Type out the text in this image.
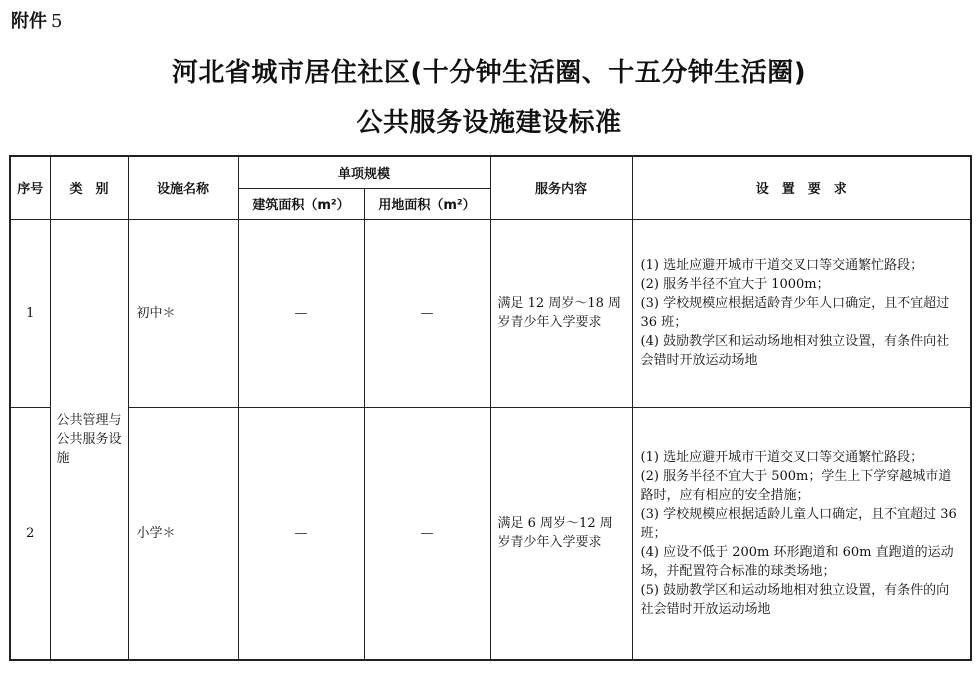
附件 5
河北省城市居住社区(十分钟生活圈、十五分钟生活圈)
公共服务设施建设标准
序号	类　别	设施名称	单项规模		服务内容	设　置　要　求
			建筑面积（m²）	用地面积（m²）		
1	公共管理与公共服务设施	初中＊	—	—	满足 12 周岁～18 周岁青少年入学要求	(1) 选址应避开城市干道交叉口等交通繁忙路段；
(2) 服务半径不宜大于 1000m；
(3) 学校规模应根据适龄青少年人口确定，且不宜超过 36 班；
(4) 鼓励教学区和运动场地相对独立设置，有条件向社会错时开放运动场地

2		小学＊	—	—	满足 6 周岁～12 周岁青少年入学要求	(1) 选址应避开城市干道交叉口等交通繁忙路段；
(2) 服务半径不宜大于 500m；学生上下学穿越城市道路时，应有相应的安全措施；
(3) 学校规模应根据适龄儿童人口确定，且不宜超过 36 班；
(4) 应设不低于 200m 环形跑道和 60m 直跑道的运动场，并配置符合标准的球类场地；
(5) 鼓励教学区和运动场地相对独立设置，有条件的向社会错时开放运动场地
